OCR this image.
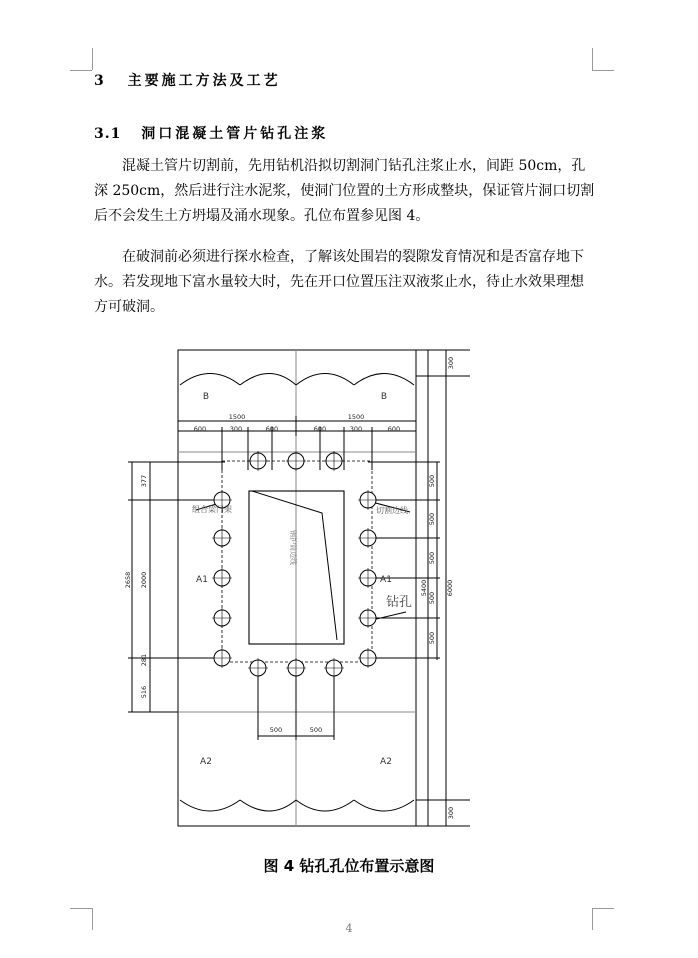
3 主要施工方法及工艺
3.1 洞口混凝土管片钻孔注浆
混凝土管片切割前，先用钻机沿拟切割洞门钻孔注浆止水，间距 50cm，孔
深 250cm，然后进行注水泥浆，使洞门位置的土方形成整块，保证管片洞口切割
后不会发生土方坍塌及涌水现象。孔位布置参见图 4。
在破洞前必须进行探水检查，了解该处围岩的裂隙发育情况和是否富存地下
水。若发现地下富水量较大时，先在开口位置压注双液浆止水，待止水效果理想
方可破洞。
B	B
A1	A1
A2	A2
组合梁门架	切割边线
钻孔
钢护筒边线
1500	1500
600	300	600	600	300	600
500	500
500
500
500
500
500
300
6000
300
5400
377
2658 2000
281
516
图 4 钻孔孔位布置示意图
4
